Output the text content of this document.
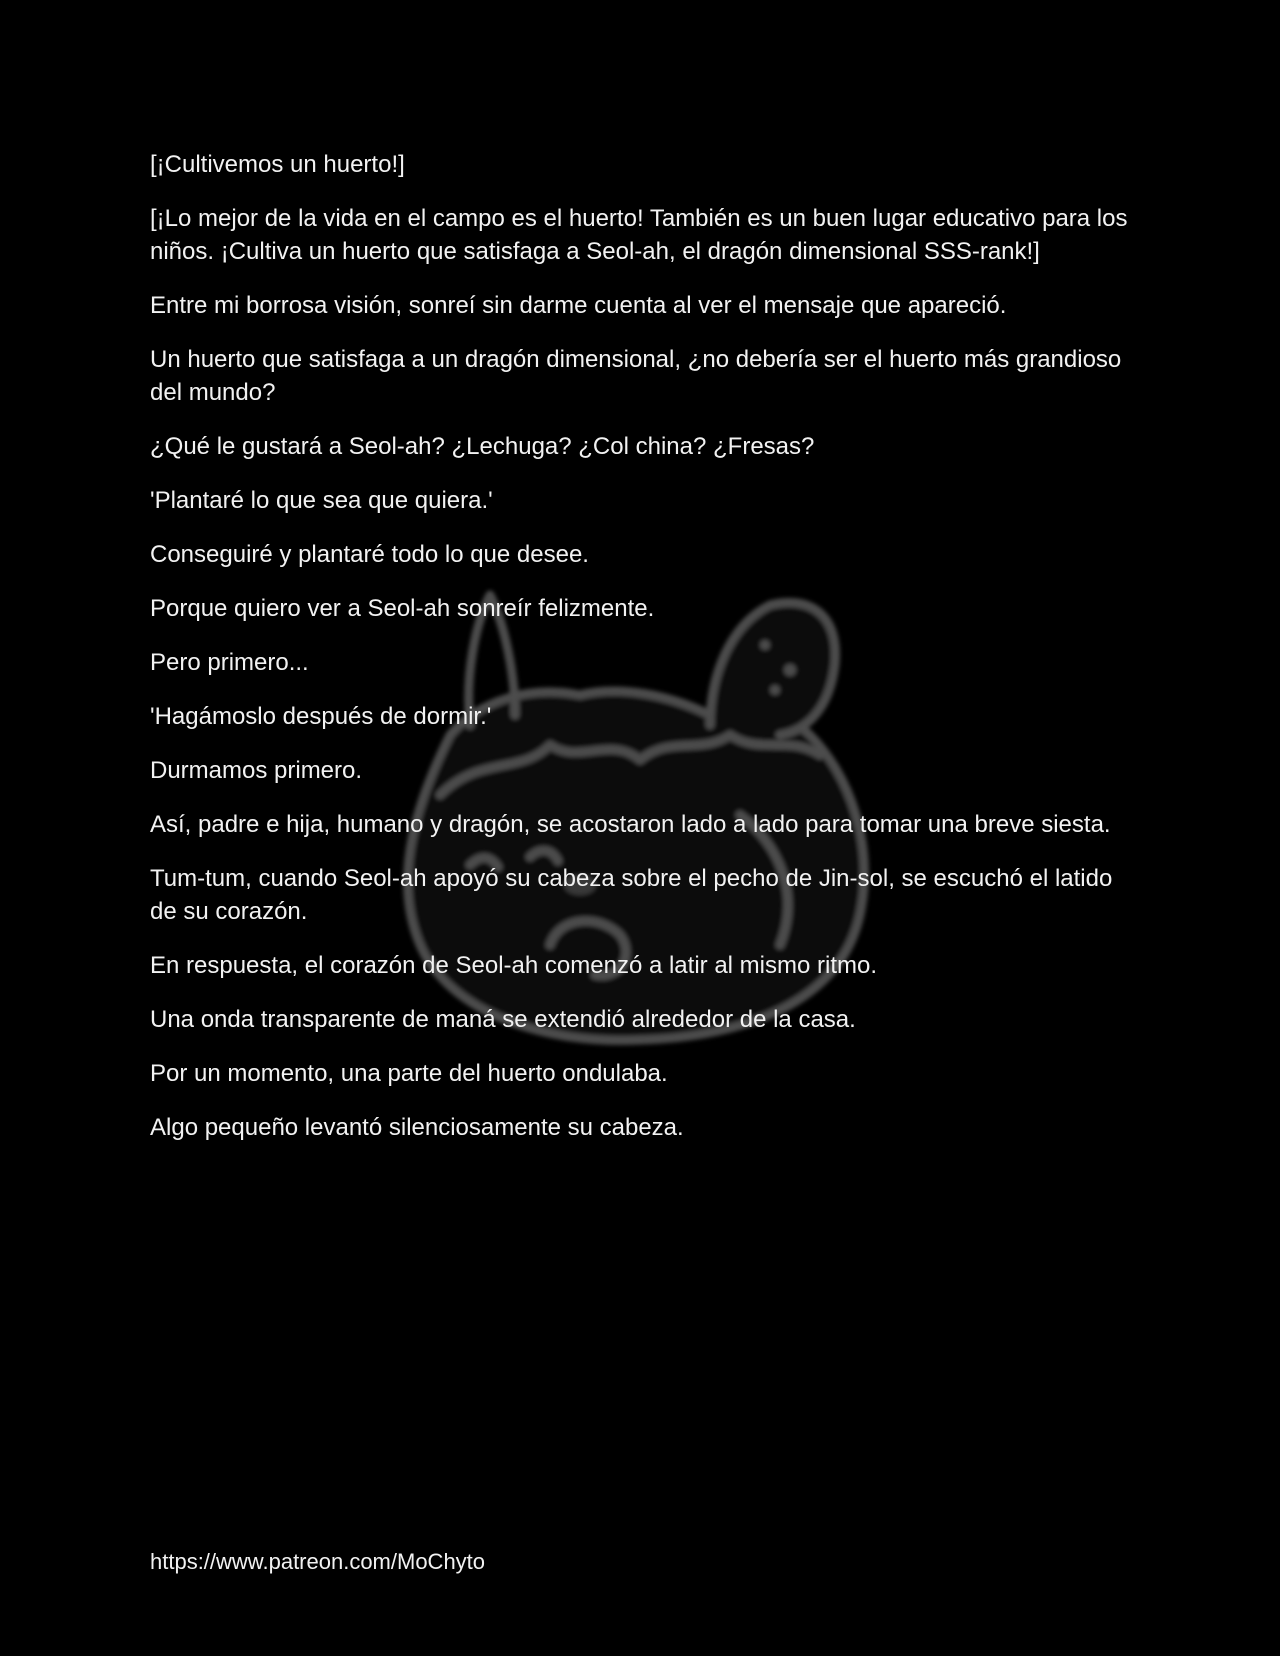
[¡Cultivemos un huerto!]

[¡Lo mejor de la vida en el campo es el huerto! También es un buen lugar educativo para los niños. ¡Cultiva un huerto que satisfaga a Seol-ah, el dragón dimensional SSS-rank!]

Entre mi borrosa visión, sonreí sin darme cuenta al ver el mensaje que apareció.

Un huerto que satisfaga a un dragón dimensional, ¿no debería ser el huerto más grandioso del mundo?

¿Qué le gustará a Seol-ah? ¿Lechuga? ¿Col china? ¿Fresas?

'Plantaré lo que sea que quiera.'

Conseguiré y plantaré todo lo que desee.

Porque quiero ver a Seol-ah sonreír felizmente.

Pero primero...

'Hagámoslo después de dormir.'

Durmamos primero.

Así, padre e hija, humano y dragón, se acostaron lado a lado para tomar una breve siesta.

Tum-tum, cuando Seol-ah apoyó su cabeza sobre el pecho de Jin-sol, se escuchó el latido de su corazón.

En respuesta, el corazón de Seol-ah comenzó a latir al mismo ritmo.

Una onda transparente de maná se extendió alrededor de la casa.

Por un momento, una parte del huerto ondulaba.

Algo pequeño levantó silenciosamente su cabeza.

https://www.patreon.com/MoChyto
